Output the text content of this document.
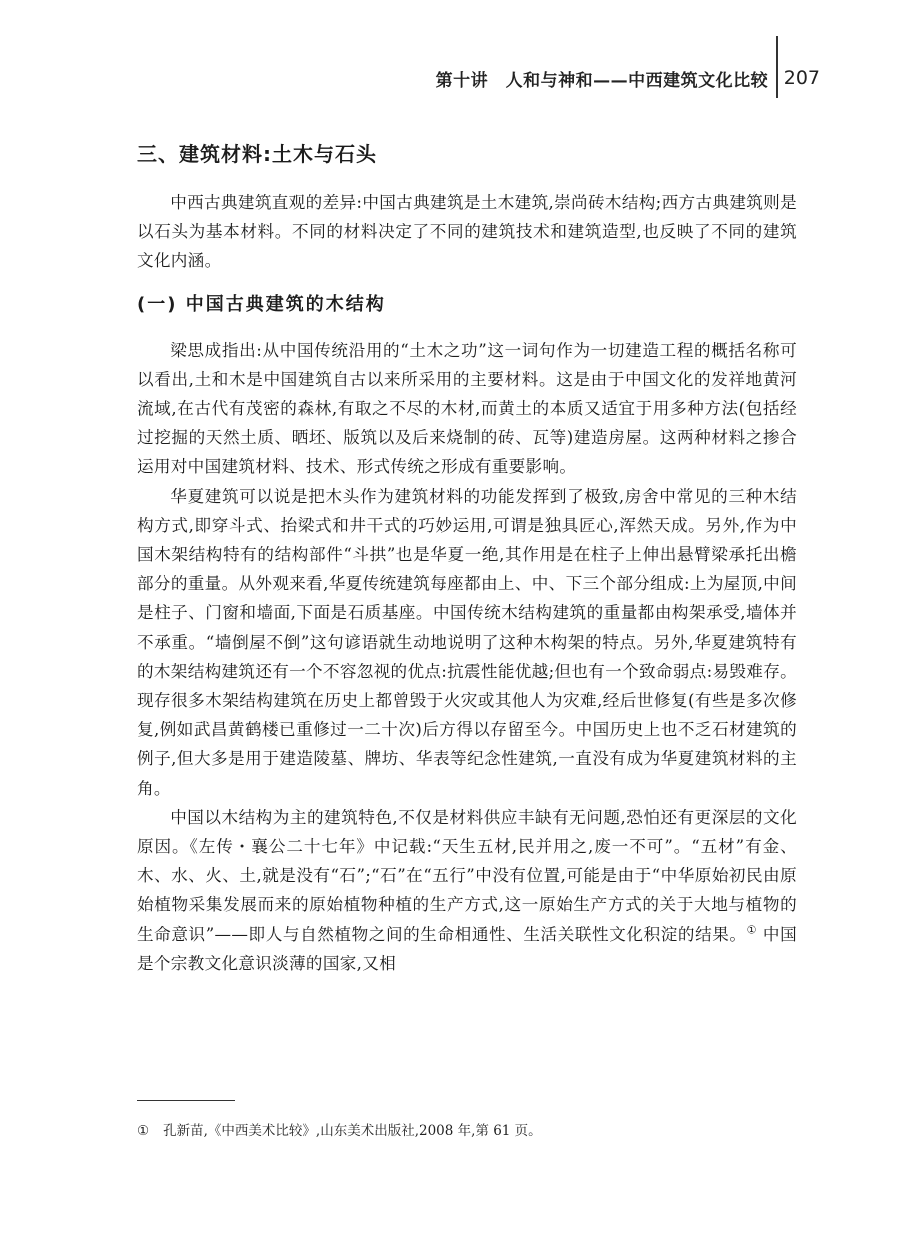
第十讲　人和与神和——中西建筑文化比较 207
三、建筑材料:土木与石头

中西古典建筑直观的差异:中国古典建筑是土木建筑,崇尚砖木结构;西方古典建筑则是以石头为基本材料。不同的材料决定了不同的建筑技术和建筑造型,也反映了不同的建筑文化内涵。

(一) 中国古典建筑的木结构

梁思成指出:从中国传统沿用的“土木之功”这一词句作为一切建造工程的概括名称可以看出,土和木是中国建筑自古以来所采用的主要材料。这是由于中国文化的发祥地黄河流域,在古代有茂密的森林,有取之不尽的木材,而黄土的本质又适宜于用多种方法(包括经过挖掘的天然土质、晒坯、版筑以及后来烧制的砖、瓦等)建造房屋。这两种材料之掺合运用对中国建筑材料、技术、形式传统之形成有重要影响。

华夏建筑可以说是把木头作为建筑材料的功能发挥到了极致,房舍中常见的三种木结构方式,即穿斗式、抬梁式和井干式的巧妙运用,可谓是独具匠心,浑然天成。另外,作为中国木架结构特有的结构部件“斗拱”也是华夏一绝,其作用是在柱子上伸出悬臂梁承托出檐部分的重量。从外观来看,华夏传统建筑每座都由上、中、下三个部分组成:上为屋顶,中间是柱子、门窗和墙面,下面是石质基座。中国传统木结构建筑的重量都由构架承受,墙体并不承重。“墙倒屋不倒”这句谚语就生动地说明了这种木构架的特点。另外,华夏建筑特有的木架结构建筑还有一个不容忽视的优点:抗震性能优越;但也有一个致命弱点:易毁难存。现存很多木架结构建筑在历史上都曾毁于火灾或其他人为灾难,经后世修复(有些是多次修复,例如武昌黄鹤楼已重修过一二十次)后方得以存留至今。中国历史上也不乏石材建筑的例子,但大多是用于建造陵墓、牌坊、华表等纪念性建筑,一直没有成为华夏建筑材料的主角。

中国以木结构为主的建筑特色,不仅是材料供应丰缺有无问题,恐怕还有更深层的文化原因。《左传・襄公二十七年》中记载:“天生五材,民并用之,废一不可”。“五材”有金、木、水、火、土,就是没有“石”;“石”在“五行”中没有位置,可能是由于“中华原始初民由原始植物采集发展而来的原始植物种植的生产方式,这一原始生产方式的关于大地与植物的生命意识”——即人与自然植物之间的生命相通性、生活关联性文化积淀的结果。① 中国是个宗教文化意识淡薄的国家,又相

① 孔新苗,《中西美术比较》,山东美术出版社,2008 年,第 61 页。
